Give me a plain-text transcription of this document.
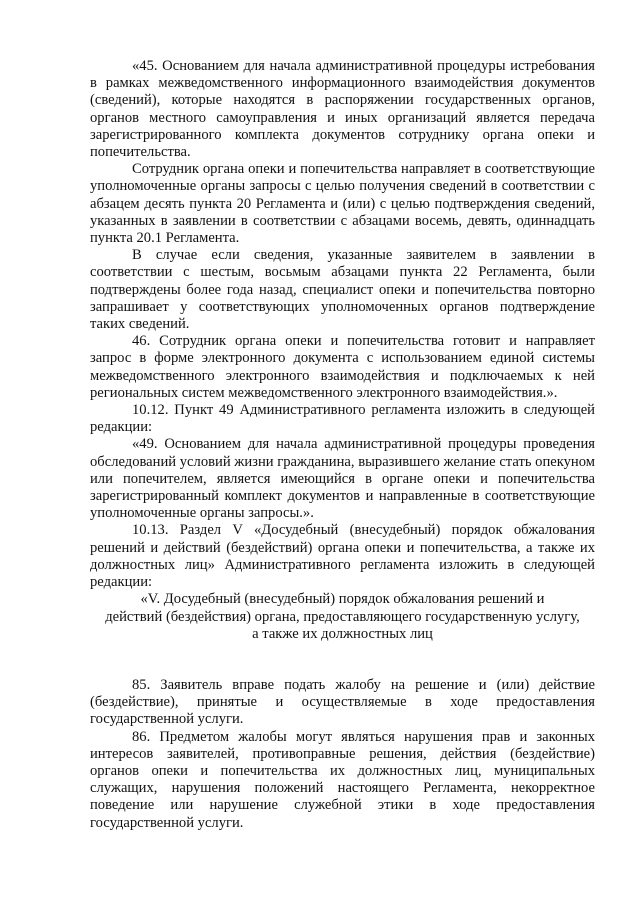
«45. Основанием для начала административной процедуры истребования в рамках межведомственного информационного взаимодействия документов (сведений), которые находятся в распоряжении государственных органов, органов местного самоуправления и иных организаций является передача зарегистрированного комплекта документов сотруднику органа опеки и попечительства.

Сотрудник органа опеки и попечительства направляет в соответствующие уполномоченные органы запросы с целью получения сведений в соответствии с абзацем десять пункта 20 Регламента и (или) с целью подтверждения сведений, указанных в заявлении в соответствии с абзацами восемь, девять, одиннадцать пункта 20.1 Регламента.

В случае если сведения, указанные заявителем в заявлении в соответствии с шестым, восьмым абзацами пункта 22 Регламента, были подтверждены более года назад, специалист опеки и попечительства повторно запрашивает у соответствующих уполномоченных органов подтверждение таких сведений.

46. Сотрудник органа опеки и попечительства готовит и направляет запрос в форме электронного документа с использованием единой системы межведомственного электронного взаимодействия и подключаемых к ней региональных систем межведомственного электронного взаимодействия.».

10.12. Пункт 49 Административного регламента изложить в следующей редакции:

«49. Основанием для начала административной процедуры проведения обследований условий жизни гражданина, выразившего желание стать опекуном или попечителем, является имеющийся в органе опеки и попечительства зарегистрированный комплект документов и направленные в соответствующие уполномоченные органы запросы.».

10.13. Раздел V «Досудебный (внесудебный) порядок обжалования решений и действий (бездействий) органа опеки и попечительства, а также их должностных лиц» Административного регламента изложить в следующей редакции:

«V. Досудебный (внесудебный) порядок обжалования решений и

действий (бездействия) органа, предоставляющего государственную услугу,

а также их должностных лиц

85. Заявитель вправе подать жалобу на решение и (или) действие (бездействие), принятые и осуществляемые в ходе предоставления государственной услуги.

86. Предметом жалобы могут являться нарушения прав и законных интересов заявителей, противоправные решения, действия (бездействие) органов опеки и попечительства их должностных лиц, муниципальных служащих, нарушения положений настоящего Регламента, некорректное поведение или нарушение служебной этики в ходе предоставления государственной услуги.
